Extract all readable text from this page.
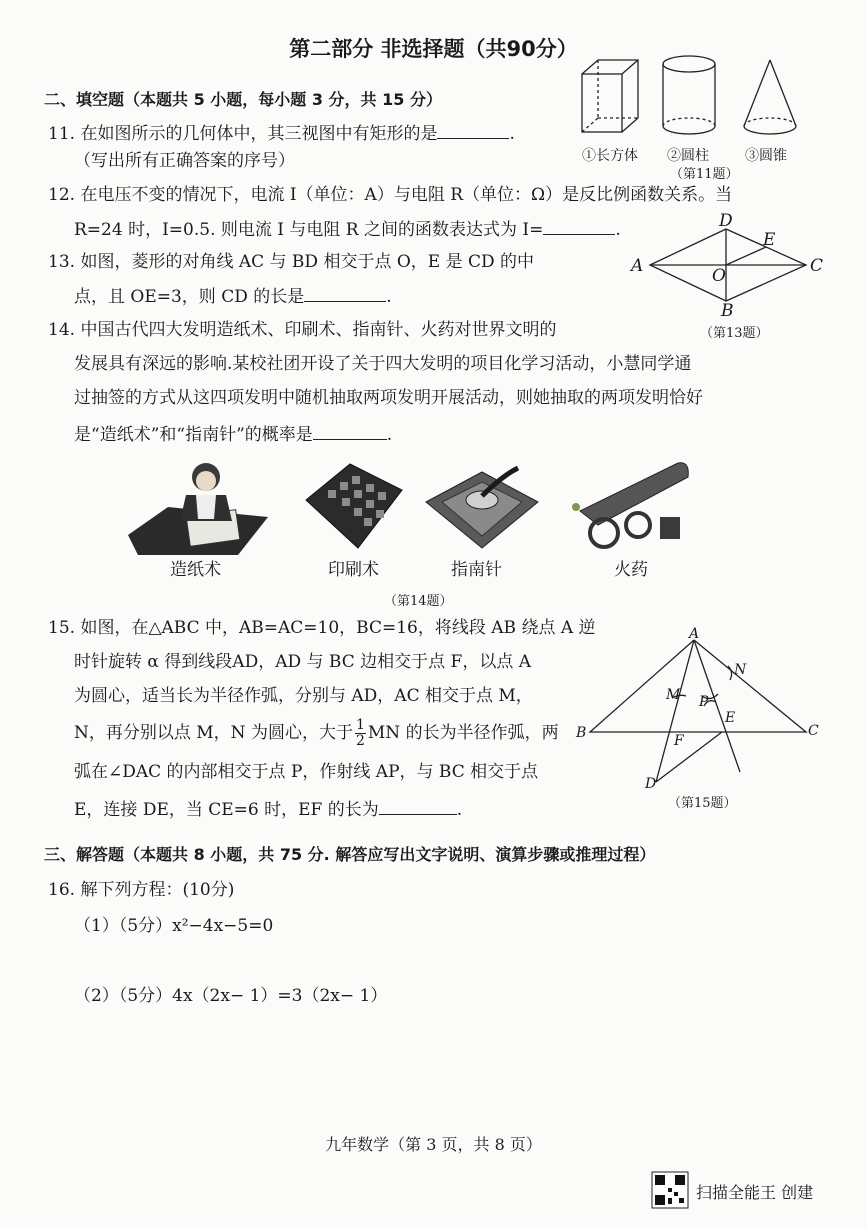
第二部分 非选择题（共90分）
二、填空题（本题共 5 小题，每小题 3 分，共 15 分）
11. 在如图所示的几何体中，其三视图中有矩形的是	.
（写出所有正确答案的序号）	①长方体 ②圆柱	③圆锥
（第11题）
12. 在电压不变的情况下，电流 I（单位：A）与电阻 R（单位：Ω）是反比例函数关系。当
R=24 时，I=0.5. 则电流 I 与电阻 R 之间的函数表达式为 I=	.
13. 如图，菱形的对角线 AC 与 BD 相交于点 O，E 是 CD 的中
点，且 OE=3，则 CD 的长是	.
A
B
C
D
E
O
（第13题）
14. 中国古代四大发明造纸术、印刷术、指南针、火药对世界文明的
发展具有深远的影响.某校社团开设了关于四大发明的项目化学习活动，小慧同学通
过抽签的方式从这四项发明中随机抽取两项发明开展活动，则她抽取的两项发明恰好
是“造纸术”和“指南针”的概率是	.
造纸术	印刷术	指南针	火药
（第14题）
15. 如图，在△ABC 中，AB=AC=10，BC=16，将线段 AB 绕点 A 逆
时针旋转 α 得到线段AD，AD 与 BC 边相交于点 F，以点 A
为圆心，适当长为半径作弧，分别与 AD，AC 相交于点 M，
N，再分别以点 M，N 为圆心，大于 $\frac{1}{2}$ MN 的长为半径作弧，两
弧在∠DAC 的内部相交于点 P，作射线 AP，与 BC 相交于点
E，连接 DE，当 CE=6 时，EF 的长为	.
A
B	C
D
E
F
M
N
P
（第15题）
三、解答题（本题共 8 小题，共 75 分. 解答应写出文字说明、演算步骤或推理过程）
16. 解下列方程：(10分)
（1）（5分）x²−4x−5=0
（2）（5分）4x（2x− 1）=3（2x− 1）
九年数学（第 3 页，共 8 页）
扫描全能王 创建
